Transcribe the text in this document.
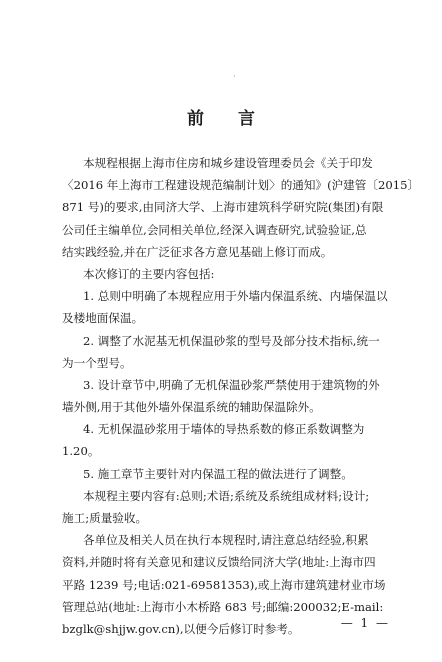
·
前 言
本规程根据上海市住房和城乡建设管理委员会《关于印发
〈2016 年上海市工程建设规范编制计划〉的通知》(沪建管〔2015〕
871 号)的要求,由同济大学、上海市建筑科学研究院(集团)有限
公司任主编单位,会同相关单位,经深入调查研究,试验验证,总
结实践经验,并在广泛征求各方意见基础上修订而成。
本次修订的主要内容包括:
1. 总则中明确了本规程应用于外墙内保温系统、内墙保温以
及楼地面保温。
2. 调整了水泥基无机保温砂浆的型号及部分技术指标,统一
为一个型号。
3. 设计章节中,明确了无机保温砂浆严禁使用于建筑物的外
墙外侧,用于其他外墙外保温系统的辅助保温除外。
4. 无机保温砂浆用于墙体的导热系数的修正系数调整为
1.20。
5. 施工章节主要针对内保温工程的做法进行了调整。
本规程主要内容有:总则;术语;系统及系统组成材料;设计;
施工;质量验收。
各单位及相关人员在执行本规程时,请注意总结经验,积累
资料,并随时将有关意见和建议反馈给同济大学(地址:上海市四
平路 1239 号;电话:021-69581353),或上海市建筑建材业市场
管理总站(地址:上海市小木桥路 683 号;邮编:200032;E-mail:
bzglk@shjjw.gov.cn),以便今后修订时参考。	— 1 —
